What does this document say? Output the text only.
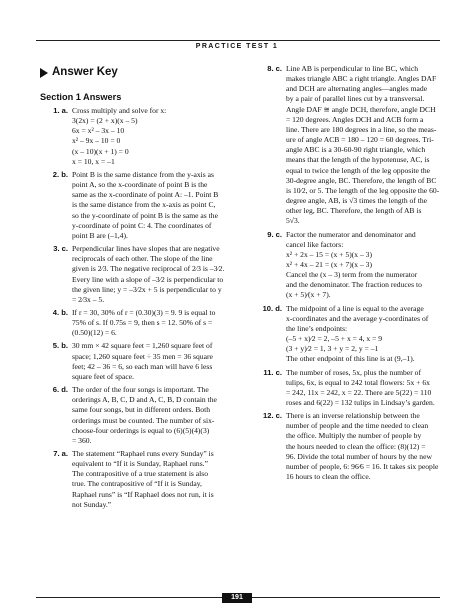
PRACTICE TEST 1
Answer Key
Section 1 Answers
1. a. Cross multiply and solve for x:
3(2x) = (2 + x)(x – 5)
6x = x² – 3x – 10
x² – 9x – 10 = 0
(x – 10)(x + 1) = 0
x = 10, x = –1
2. b. Point B is the same distance from the y-axis as
point A, so the x-coordinate of point B is the
same as the x-coordinate of point A: –1. Point B
is the same distance from the x-axis as point C,
so the y-coordinate of point B is the same as the
y-coordinate of point C: 4. The coordinates of
point B are (–1,4).
3. c. Perpendicular lines have slopes that are negative
reciprocals of each other. The slope of the line
given is 2⁄3. The negative reciprocal of 2⁄3 is –3⁄2.
Every line with a slope of –3⁄2 is perpendicular to
the given line; y = –3⁄2x + 5 is perpendicular to y
= 2⁄3x – 5.
4. b. If r = 30, 30% of r = (0.30)(3) = 9. 9 is equal to
75% of s. If 0.75s = 9, then s = 12. 50% of s =
(0.50)(12) = 6.
5. b. 30 mm × 42 square feet = 1,260 square feet of
space; 1,260 square feet ÷ 35 men = 36 square
feet; 42 – 36 = 6, so each man will have 6 less
square feet of space.
6. d. The order of the four songs is important. The
orderings A, B, C, D and A, C, B, D contain the
same four songs, but in different orders. Both
orderings must be counted. The number of six-
choose-four orderings is equal to (6)(5)(4)(3)
= 360.
7. a. The statement “Raphael runs every Sunday” is
equivalent to “If it is Sunday, Raphael runs.”
The contrapositive of a true statement is also
true. The contrapositive of “If it is Sunday,
Raphael runs” is “If Raphael does not run, it is
not Sunday.”
8. c. Line AB is perpendicular to line BC, which
makes triangle ABC a right triangle. Angles DAF
and DCH are alternating angles—angles made
by a pair of parallel lines cut by a transversal.
Angle DAF ≅ angle DCH, therefore, angle DCH
= 120 degrees. Angles DCH and ACB form a
line. There are 180 degrees in a line, so the meas-
ure of angle ACB = 180 – 120 = 60 degrees. Tri-
angle ABC is a 30-60-90 right triangle, which
means that the length of the hypotenuse, AC, is
equal to twice the length of the leg opposite the
30-degree angle, BC. Therefore, the length of BC
is 10⁄2, or 5. The length of the leg opposite the 60-
degree angle, AB, is √3 times the length of the
other leg, BC. Therefore, the length of AB is
5√3.
9. c. Factor the numerator and denominator and
cancel like factors:
x² + 2x – 15 = (x + 5)(x – 3)
x² + 4x – 21 = (x + 7)(x – 3)
Cancel the (x – 3) term from the numerator
and the denominator. The fraction reduces to
(x + 5)⁄(x + 7).
10. d. The midpoint of a line is equal to the average
x-coordinates and the average y-coordinates of
the line’s endpoints:
(–5 + x)⁄2 = 2, –5 + x = 4, x = 9
(3 + y)⁄2 = 1, 3 + y = 2, y = –1
The other endpoint of this line is at (9,–1).
11. c. The number of roses, 5x, plus the number of
tulips, 6x, is equal to 242 total flowers: 5x + 6x
= 242, 11x = 242, x = 22. There are 5(22) = 110
roses and 6(22) = 132 tulips in Lindsay’s garden.
12. c. There is an inverse relationship between the
number of people and the time needed to clean
the office. Multiply the number of people by
the hours needed to clean the office: (8)(12) =
96. Divide the total number of hours by the new
number of people, 6: 96⁄6 = 16. It takes six people
16 hours to clean the office.
191
